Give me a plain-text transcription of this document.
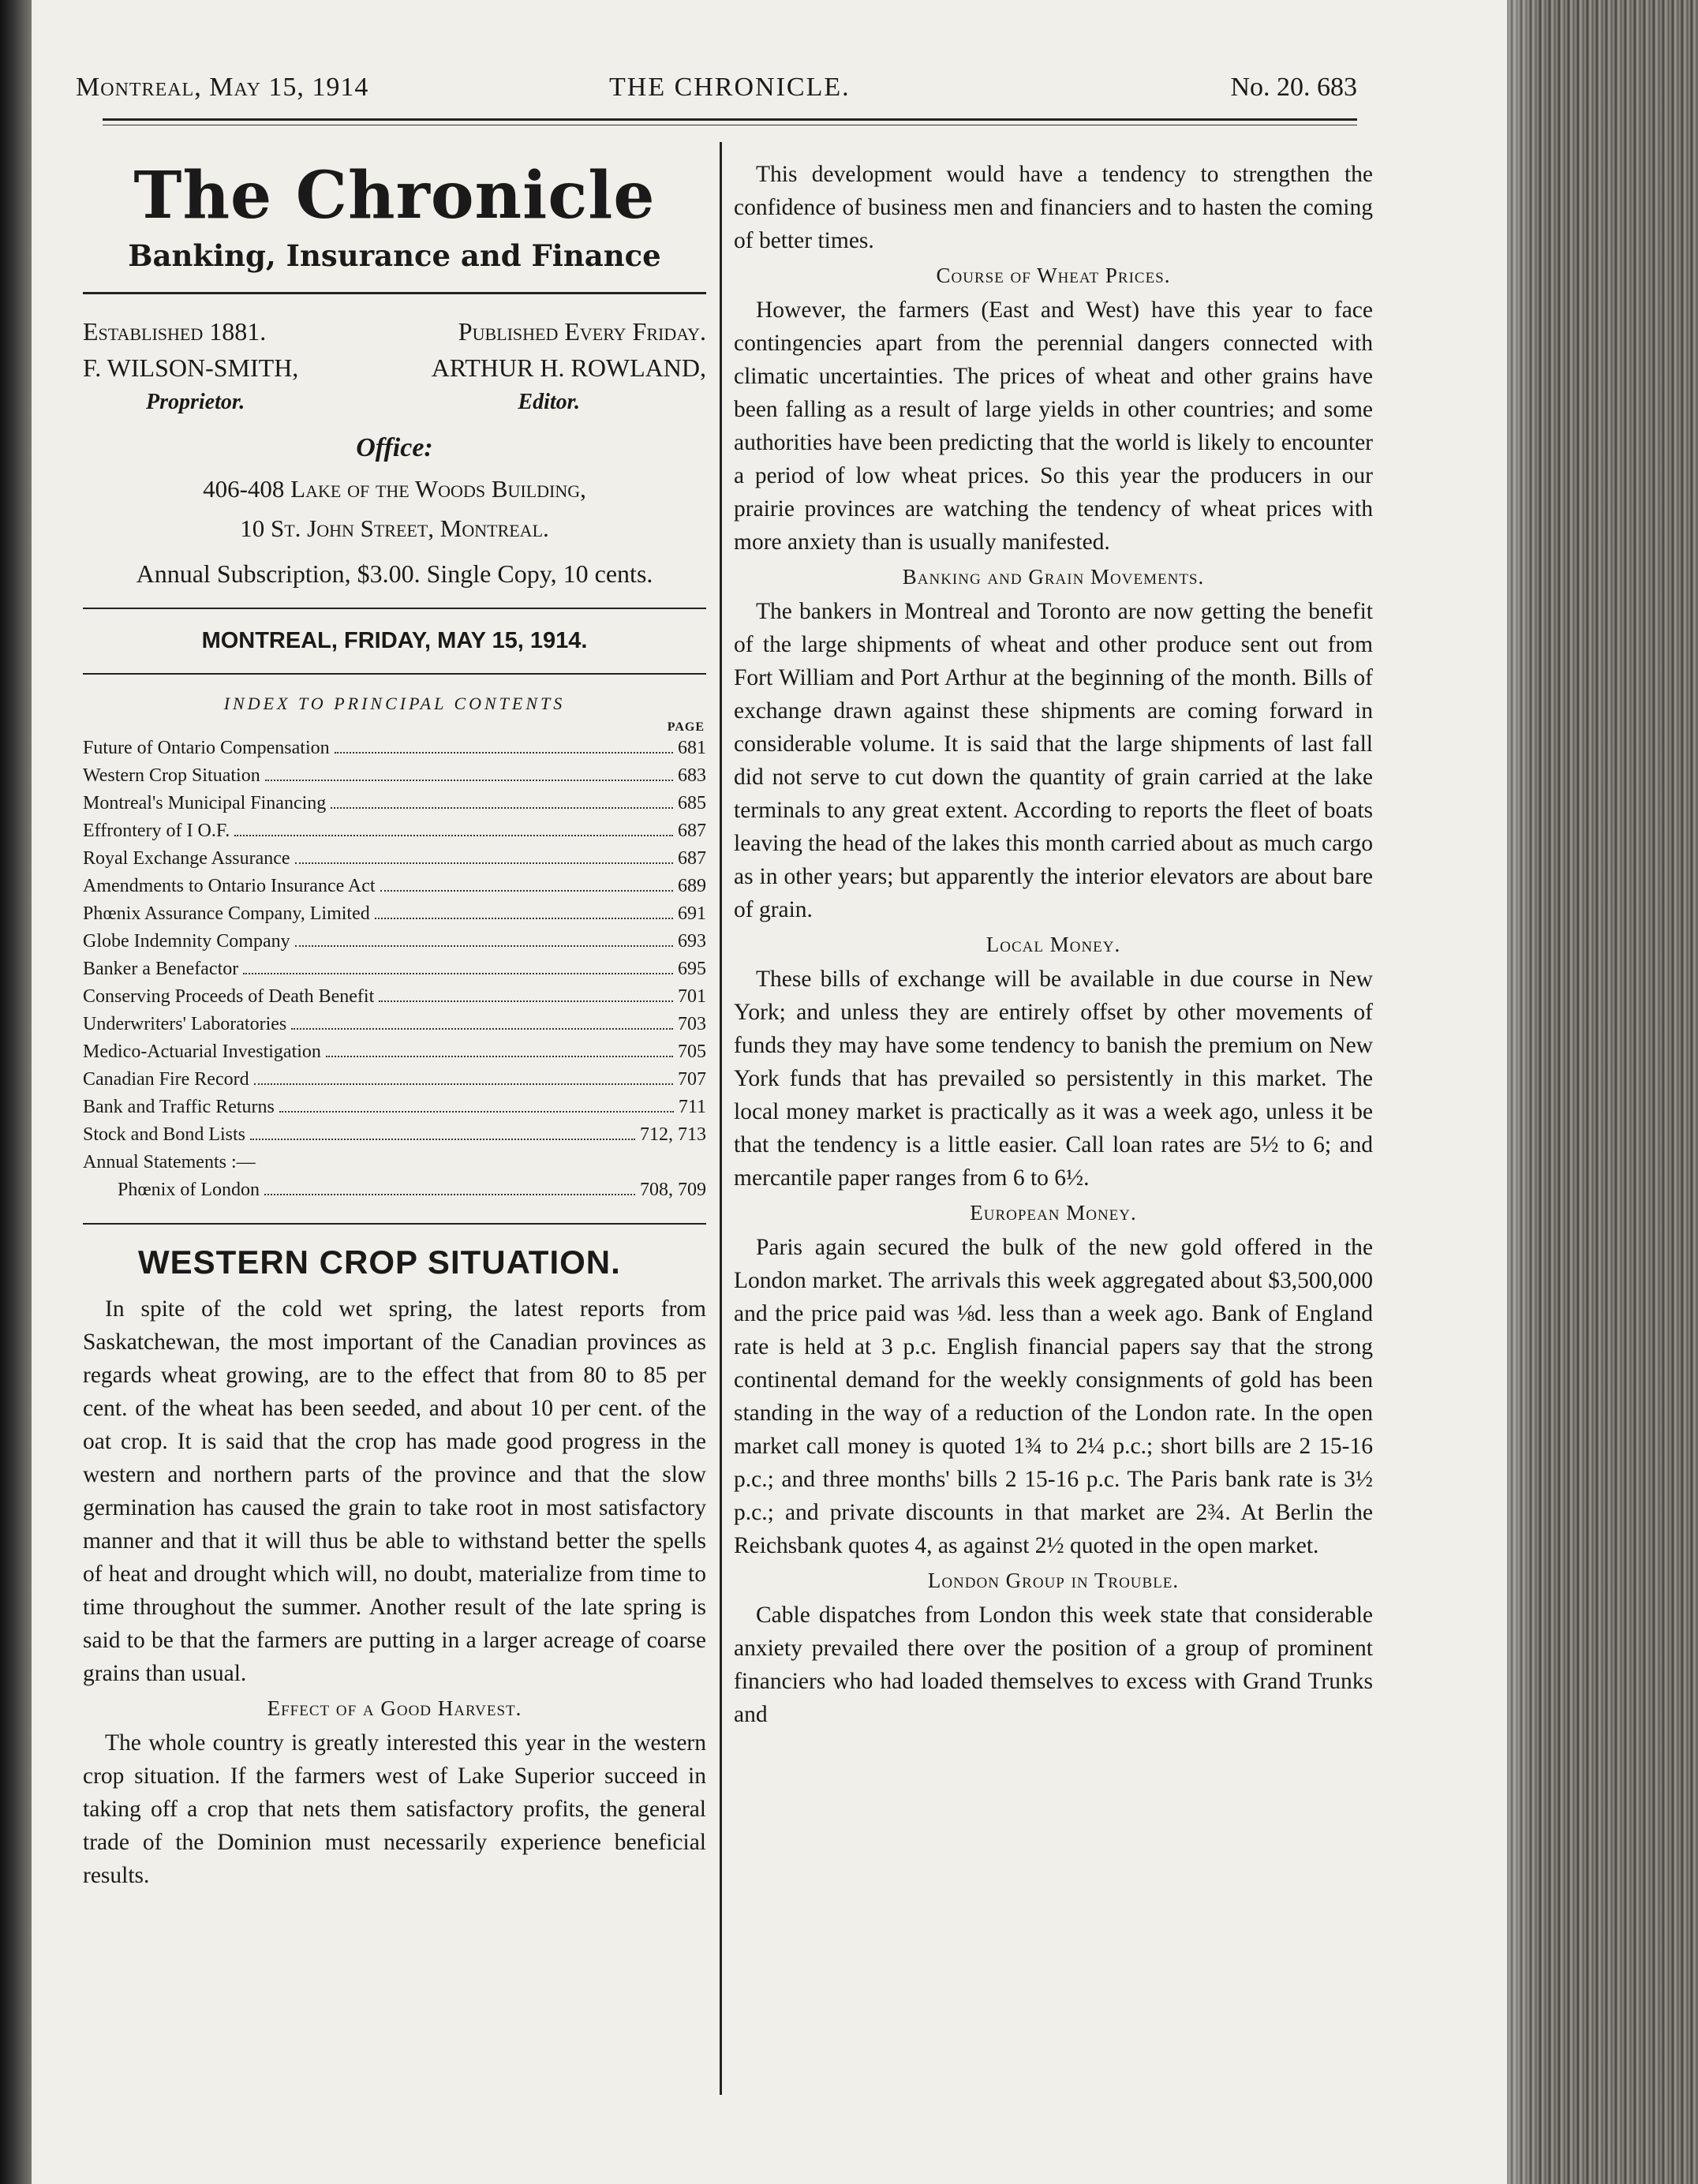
Montreal, May 15, 1914	THE CHRONICLE.	No. 20. 683
The Chronicle
Banking, Insurance and Finance
Established 1881.	Published Every Friday.
F. WILSON-SMITH,	ARTHUR H. ROWLAND,
Proprietor.	Editor.
Office:
406-408 Lake of the Woods Building,
10 St. John Street, Montreal.
Annual Subscription, $3.00. Single Copy, 10 cents.
MONTREAL, FRIDAY, MAY 15, 1914.
INDEX TO PRINCIPAL CONTENTS
PAGE
Future of Ontario Compensation	681
Western Crop Situation	683
Montreal's Municipal Financing	685
Effrontery of I O.F.	687
Royal Exchange Assurance	687
Amendments to Ontario Insurance Act	689
Phœnix Assurance Company, Limited	691
Globe Indemnity Company	693
Banker a Benefactor	695
Conserving Proceeds of Death Benefit	701
Underwriters' Laboratories	703
Medico-Actuarial Investigation	705
Canadian Fire Record	707
Bank and Traffic Returns	711
Stock and Bond Lists	712, 713
Annual Statements :—
Phœnix of London	708, 709
WESTERN CROP SITUATION.

In spite of the cold wet spring, the latest reports from Saskatchewan, the most important of the Canadian provinces as regards wheat growing, are to the effect that from 80 to 85 per cent. of the wheat has been seeded, and about 10 per cent. of the oat crop. It is said that the crop has made good progress in the western and northern parts of the province and that the slow germination has caused the grain to take root in most satisfactory manner and that it will thus be able to withstand better the spells of heat and drought which will, no doubt, materialize from time to time throughout the summer. Another result of the late spring is said to be that the farmers are putting in a larger acreage of coarse grains than usual.

Effect of a Good Harvest.

The whole country is greatly interested this year in the western crop situation. If the farmers west of Lake Superior succeed in taking off a crop that nets them satisfactory profits, the general trade of the Dominion must necessarily experience beneficial results.

This development would have a tendency to strengthen the confidence of business men and financiers and to hasten the coming of better times.

Course of Wheat Prices.

However, the farmers (East and West) have this year to face contingencies apart from the perennial dangers connected with climatic uncertainties. The prices of wheat and other grains have been falling as a result of large yields in other countries; and some authorities have been predicting that the world is likely to encounter a period of low wheat prices. So this year the producers in our prairie provinces are watching the tendency of wheat prices with more anxiety than is usually manifested.

Banking and Grain Movements.

The bankers in Montreal and Toronto are now getting the benefit of the large shipments of wheat and other produce sent out from Fort William and Port Arthur at the beginning of the month. Bills of exchange drawn against these shipments are coming forward in considerable volume. It is said that the large shipments of last fall did not serve to cut down the quantity of grain carried at the lake terminals to any great extent. According to reports the fleet of boats leaving the head of the lakes this month carried about as much cargo as in other years; but apparently the interior elevators are about bare of grain.

Local Money.

These bills of exchange will be available in due course in New York; and unless they are entirely offset by other movements of funds they may have some tendency to banish the premium on New York funds that has prevailed so persistently in this market. The local money market is practically as it was a week ago, unless it be that the tendency is a little easier. Call loan rates are 5½ to 6; and mercantile paper ranges from 6 to 6½.

European Money.

Paris again secured the bulk of the new gold offered in the London market. The arrivals this week aggregated about $3,500,000 and the price paid was ⅛d. less than a week ago. Bank of England rate is held at 3 p.c. English financial papers say that the strong continental demand for the weekly consignments of gold has been standing in the way of a reduction of the London rate. In the open market call money is quoted 1¾ to 2¼ p.c.; short bills are 2 15-16 p.c.; and three months' bills 2 15-16 p.c. The Paris bank rate is 3½ p.c.; and private discounts in that market are 2¾. At Berlin the Reichsbank quotes 4, as against 2½ quoted in the open market.

London Group in Trouble.

Cable dispatches from London this week state that considerable anxiety prevailed there over the position of a group of prominent financiers who had loaded themselves to excess with Grand Trunks and
